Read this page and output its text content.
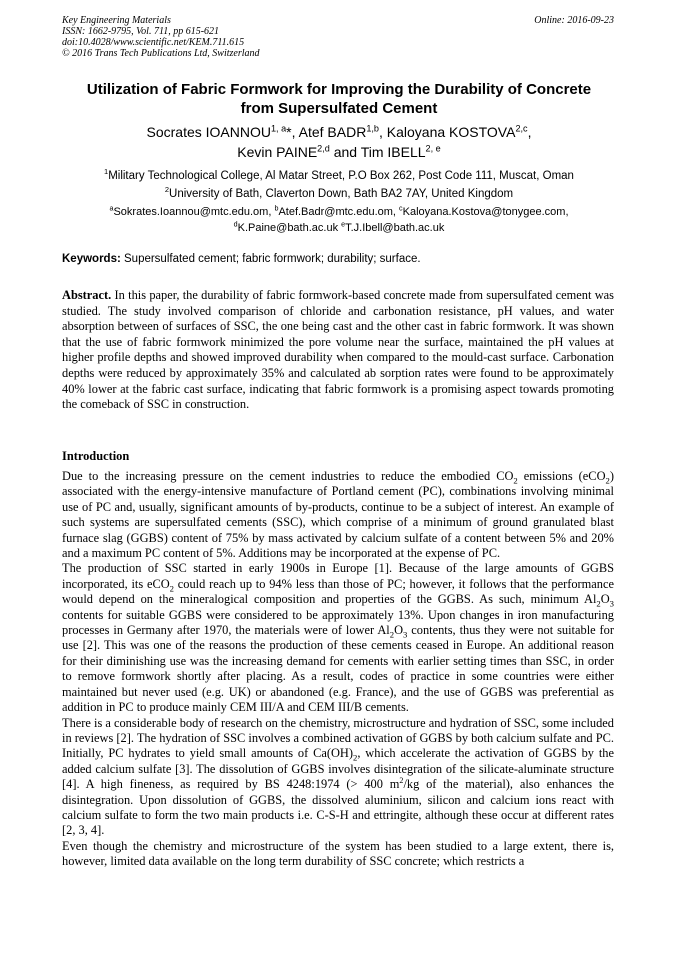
Key Engineering Materials
ISSN: 1662-9795, Vol. 711, pp 615-621
doi:10.4028/www.scientific.net/KEM.711.615
© 2016 Trans Tech Publications Ltd, Switzerland
Online: 2016-09-23
Utilization of Fabric Formwork for Improving the Durability of Concrete
from Supersulfated Cement
Socrates IOANNOU$^{1, a}$*, Atef BADR$^{1,b}$, Kaloyana KOSTOVA$^{2,c}$,
Kevin PAINE$^{2,d}$ and Tim IBELL$^{2, e}$
$^1$Military Technological College, Al Matar Street, P.O Box 262, Post Code 111, Muscat, Oman
$^2$University of Bath, Claverton Down, Bath BA2 7AY, United Kingdom
$^a$Sokrates.Ioannou@mtc.edu.om, $^b$Atef.Badr@mtc.edu.om, $^c$Kaloyana.Kostova@tonygee.com,
$^d$K.Paine@bath.ac.uk $^e$T.J.Ibell@bath.ac.uk
Keywords: Supersulfated cement; fabric formwork; durability; surface.
Abstract. In this paper, the durability of fabric formwork-based concrete made from supersulfated cement was studied. The study involved comparison of chloride and carbonation resistance, pH values, and water absorption between of surfaces of SSC, the one being cast and the other cast in fabric formwork. It was shown that the use of fabric formwork minimized the pore volume near the surface, maintained the pH values at higher profile depths and showed improved durability when compared to the mould-cast surface. Carbonation depths were reduced by approximately 35% and calculated ab sorption rates were found to be approximately 40% lower at the fabric cast surface, indicating that fabric formwork is a promising aspect towards promoting the comeback of SSC in construction.
Introduction

Due to the increasing pressure on the cement industries to reduce the embodied $CO_2$ emissions (eCO$_2$) associated with the energy-intensive manufacture of Portland cement (PC), combinations involving minimal use of PC and, usually, significant amounts of by-products, continue to be a subject of interest. An example of such systems are supersulfated cements (SSC), which comprise of a minimum of ground granulated blast furnace slag (GGBS) content of 75% by mass activated by calcium sulfate of a content between 5% and 20% and a maximum PC content of 5%. Additions may be incorporated at the expense of PC.

The production of SSC started in early 1900s in Europe [1]. Because of the large amounts of GGBS incorporated, its eCO$_2$ could reach up to 94% less than those of PC; however, it follows that the performance would depend on the mineralogical composition and properties of the GGBS. As such, minimum $Al_2O_3$ contents for suitable GGBS were considered to be approximately 13%. Upon changes in iron manufacturing processes in Germany after 1970, the materials were of lower $Al_2O_3$ contents, thus they were not suitable for use [2]. This was one of the reasons the production of these cements ceased in Europe. An additional reason for their diminishing use was the increasing demand for cements with earlier setting times than SSC, in order to remove formwork shortly after placing. As a result, codes of practice in some countries were either maintained but never used (e.g. UK) or abandoned (e.g. France), and the use of GGBS was preferential as addition in PC to produce mainly CEM III/A and CEM III/B cements.

There is a considerable body of research on the chemistry, microstructure and hydration of SSC, some included in reviews [2]. The hydration of SSC involves a combined activation of GGBS by both calcium sulfate and PC. Initially, PC hydrates to yield small amounts of $Ca(OH)_2$, which accelerate the activation of GGBS by the added calcium sulfate [3]. The dissolution of GGBS involves disintegration of the silicate-aluminate structure [4]. A high fineness, as required by BS 4248:1974 (> 400 $m^2/kg$ of the material), also enhances the disintegration. Upon dissolution of GGBS, the dissolved aluminium, silicon and calcium ions react with calcium sulfate to form the two main products i.e. C-S-H and ettringite, although these occur at different rates [2, 3, 4].

Even though the chemistry and microstructure of the system has been studied to a large extent, there is, however, limited data available on the long term durability of SSC concrete; which restricts a
